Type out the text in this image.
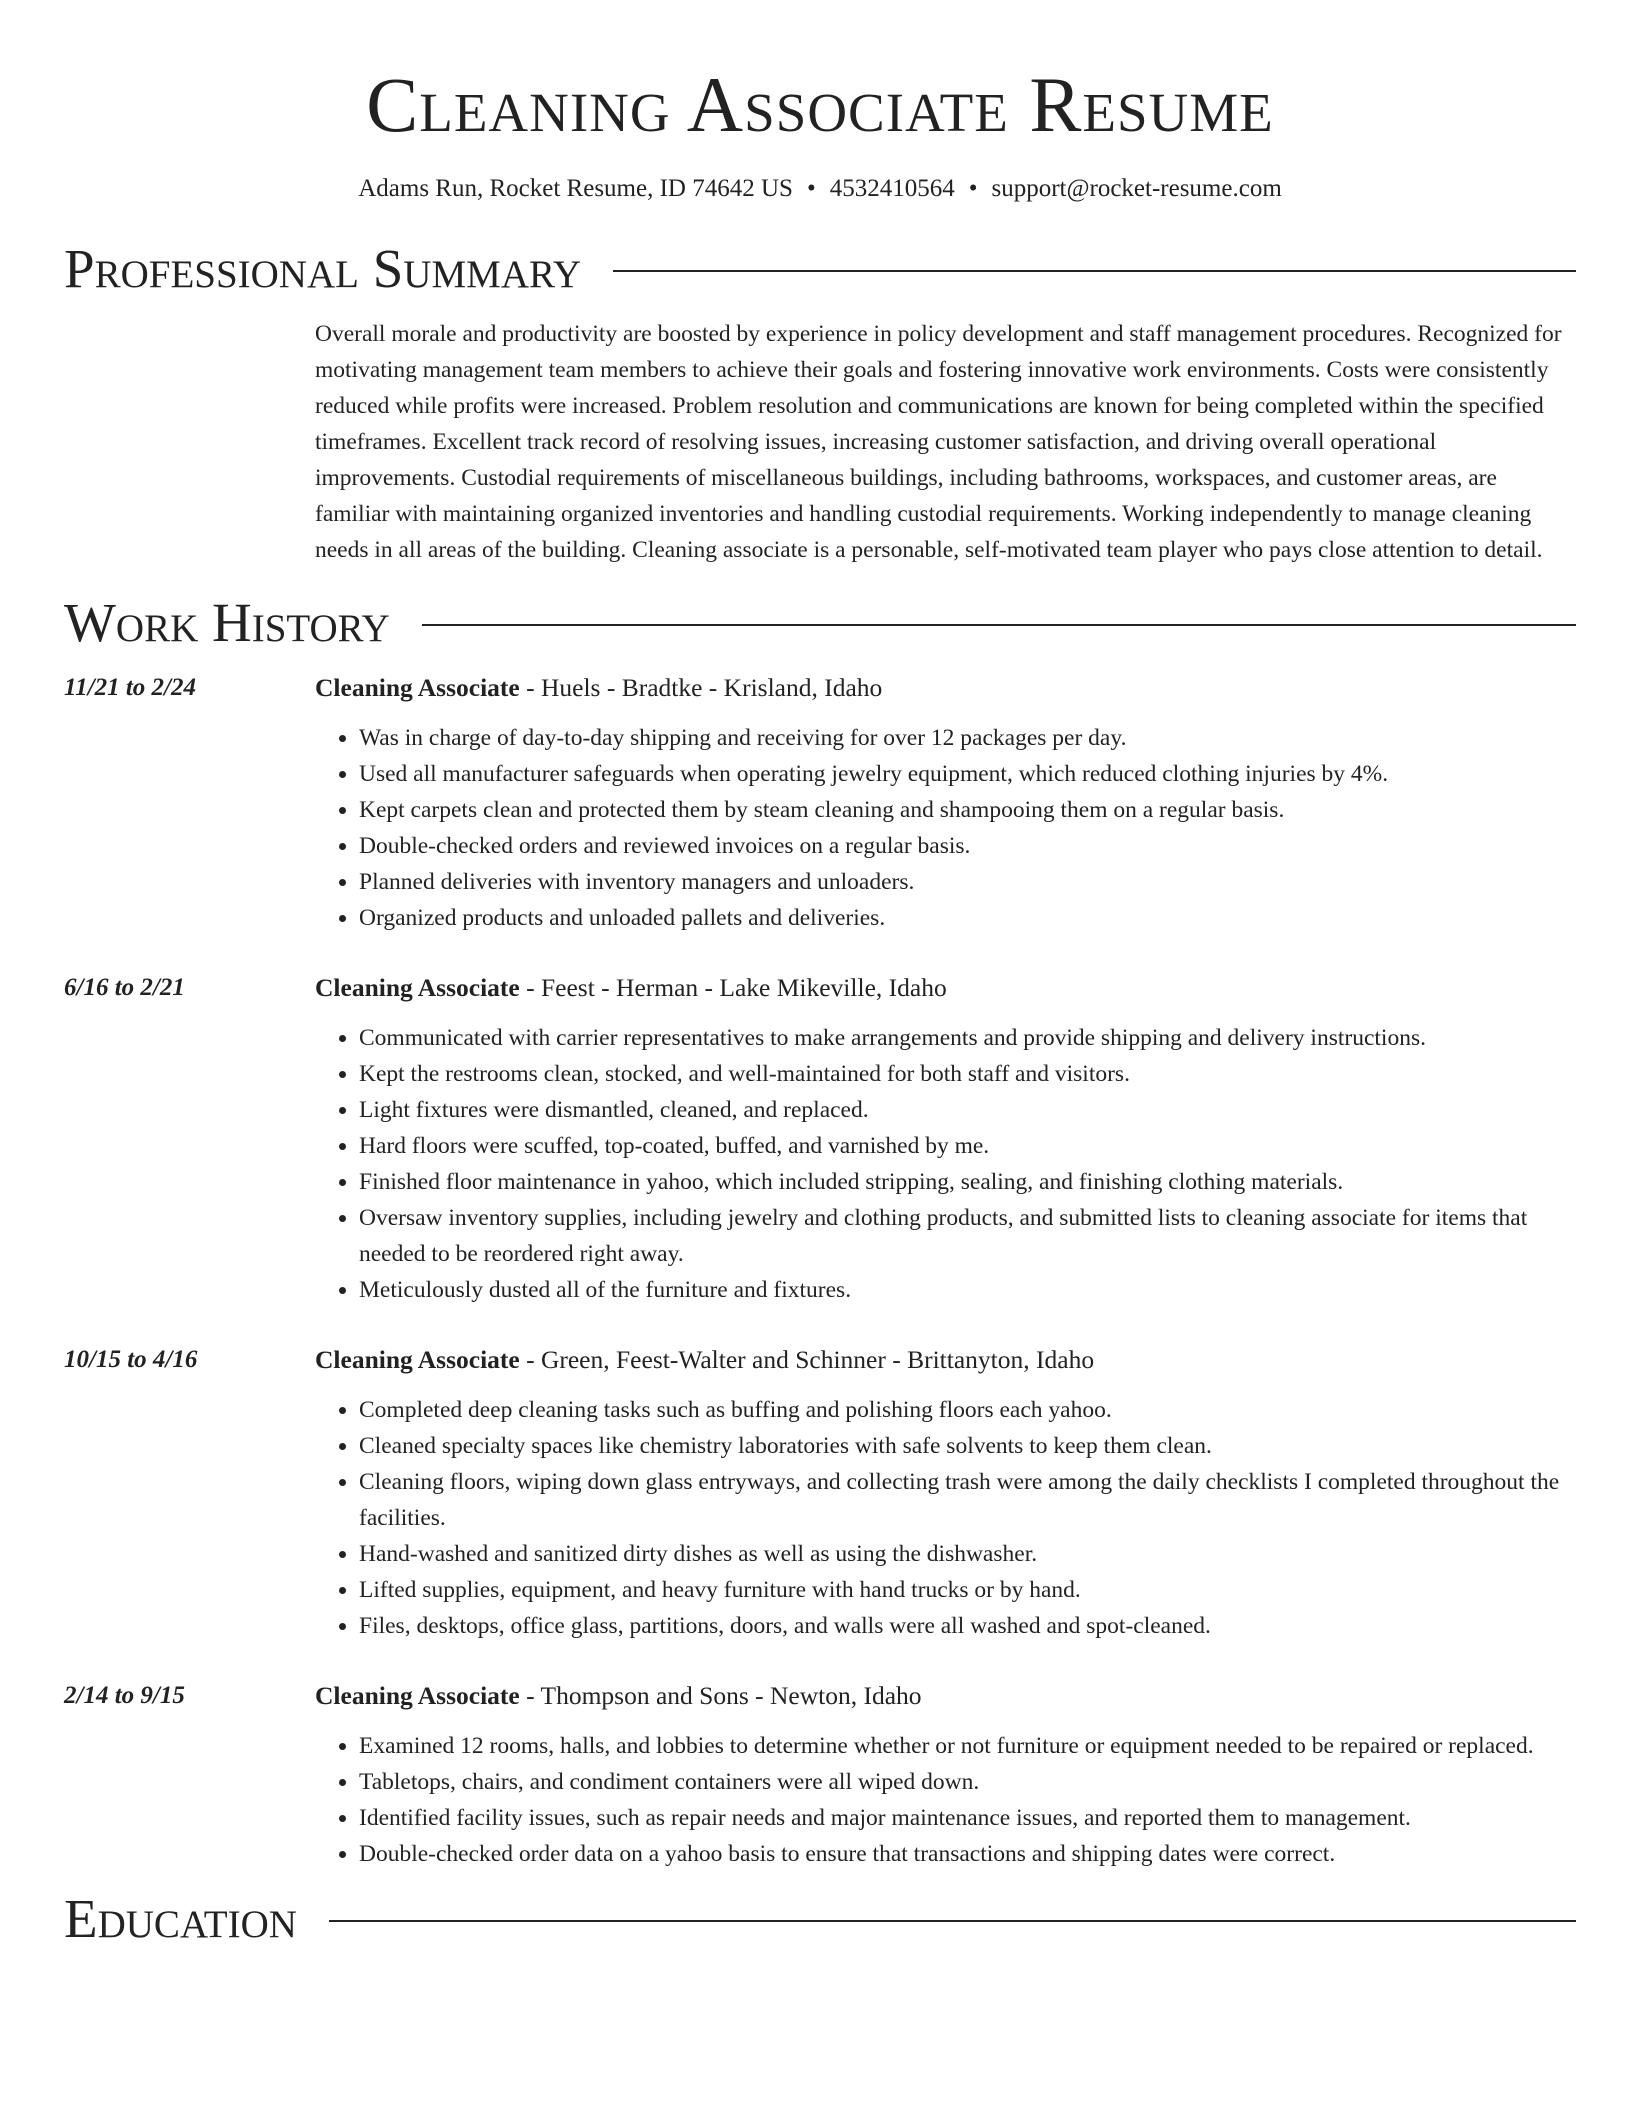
Cleaning Associate Resume
Adams Run, Rocket Resume, ID 74642 US • 4532410564 • support@rocket-resume.com
Professional Summary
Overall morale and productivity are boosted by experience in policy development and staff management procedures. Recognized for motivating management team members to achieve their goals and fostering innovative work environments. Costs were consistently reduced while profits were increased. Problem resolution and communications are known for being completed within the specified timeframes. Excellent track record of resolving issues, increasing customer satisfaction, and driving overall operational improvements. Custodial requirements of miscellaneous buildings, including bathrooms, workspaces, and customer areas, are familiar with maintaining organized inventories and handling custodial requirements. Working independently to manage cleaning needs in all areas of the building. Cleaning associate is a personable, self-motivated team player who pays close attention to detail.
Work History
11/21 to 2/24	Cleaning Associate - Huels - Bradtke - Krisland, Idaho
• Was in charge of day-to-day shipping and receiving for over 12 packages per day.
• Used all manufacturer safeguards when operating jewelry equipment, which reduced clothing injuries by 4%.
• Kept carpets clean and protected them by steam cleaning and shampooing them on a regular basis.
• Double-checked orders and reviewed invoices on a regular basis.
• Planned deliveries with inventory managers and unloaders.
• Organized products and unloaded pallets and deliveries.
6/16 to 2/21	Cleaning Associate - Feest - Herman - Lake Mikeville, Idaho
• Communicated with carrier representatives to make arrangements and provide shipping and delivery instructions.
• Kept the restrooms clean, stocked, and well-maintained for both staff and visitors.
• Light fixtures were dismantled, cleaned, and replaced.
• Hard floors were scuffed, top-coated, buffed, and varnished by me.
• Finished floor maintenance in yahoo, which included stripping, sealing, and finishing clothing materials.
• Oversaw inventory supplies, including jewelry and clothing products, and submitted lists to cleaning associate for items that needed to be reordered right away.
• Meticulously dusted all of the furniture and fixtures.
10/15 to 4/16	Cleaning Associate - Green, Feest-Walter and Schinner - Brittanyton, Idaho
• Completed deep cleaning tasks such as buffing and polishing floors each yahoo.
• Cleaned specialty spaces like chemistry laboratories with safe solvents to keep them clean.
• Cleaning floors, wiping down glass entryways, and collecting trash were among the daily checklists I completed throughout the facilities.
• Hand-washed and sanitized dirty dishes as well as using the dishwasher.
• Lifted supplies, equipment, and heavy furniture with hand trucks or by hand.
• Files, desktops, office glass, partitions, doors, and walls were all washed and spot-cleaned.
2/14 to 9/15	Cleaning Associate - Thompson and Sons - Newton, Idaho
• Examined 12 rooms, halls, and lobbies to determine whether or not furniture or equipment needed to be repaired or replaced.
• Tabletops, chairs, and condiment containers were all wiped down.
• Identified facility issues, such as repair needs and major maintenance issues, and reported them to management.
• Double-checked order data on a yahoo basis to ensure that transactions and shipping dates were correct.
Education
